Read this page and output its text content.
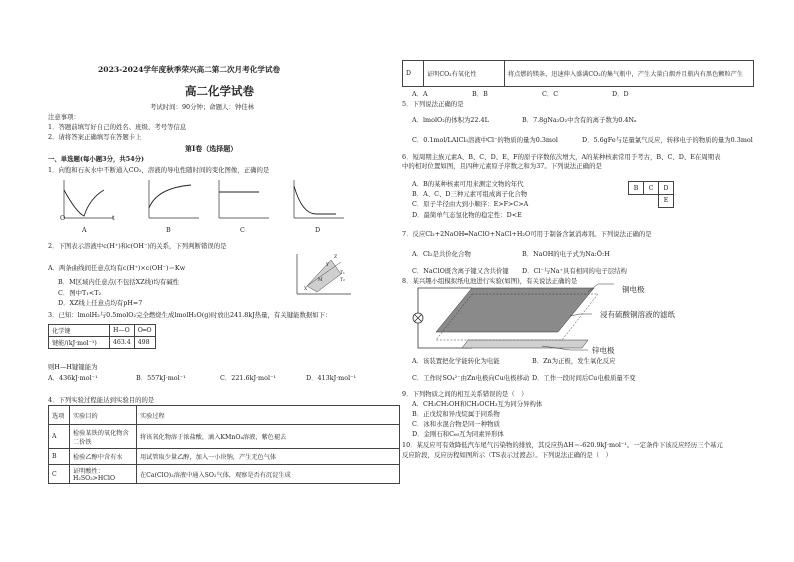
2023-2024学年度秋季荣兴高二第二次月考化学试卷
高二化学试卷
考试时间：90分钟；命题人：钟佳林
注意事项：
1．答题前填写好自己的姓名、班级、考号等信息
2．请将答案正确填写在答题卡上
第Ⅰ卷（选择题）
一、单选题(每小题3分，共54分)
1．向饱和石灰水中不断通入CO₂，溶液的导电性随时间的变化图像，正确的是
O	t
A	B	C	D
2．下图表示溶液中c(H⁺)和c(OH⁻)的关系，下列判断错误的是
A．两条曲线间任意点均有c(H⁺)×c(OH⁻)＝Kw
B．M区域内任意点(不包括XZ线)均有碱性
C．图中T₁<T₂
D．XZ线上任意点均有pH=7
X
Y
Z
M
T₁
T₂
3．已知：lmolH₂与0.5molO₂完全燃烧生成lmolH₂O(g)时放出241.8kJ热量，有关键能数据如下：
化学键	H—O	O═O
键能/(kJ·mol⁻¹)	463.4	498
则H—H键键能为
A．436kJ·mol⁻¹	B．557kJ·mol⁻¹	C．221.6kJ·mol⁻¹	D．413kJ·mol⁻¹
4．下列实验过程能达到实验目的的是
选项	实验目的	实验过程
A	检验某铁的氧化物含二价铁	将该氧化物溶于浓盐酸，滴入KMnO₄溶液，紫色褪去
B	检验乙醇中含有水	用试管取少量乙醇，加入一小块钠，产生无色气体
C	证明酸性：H₂SO₃>HClO	在Ca(ClO)₂溶液中通入SO₂气体，观察是否有沉淀生成
D	证明CO₂有氧化性	将点燃的镁条，迅速伸入盛满CO₂的集气瓶中，产生大量白烟并且瓶内有黑色颗粒产生
A．A	B．B	C．C	D．D
5．下列说法正确的是
A．lmolO₂的体积为22.4L	B．7.8gNa₂O₂中含有的离子数为0.4Nₐ
C．0.1mol/LAlCl₃溶液中Cl⁻的物质的量为0.3mol	D．5.6gFe与足量氯气反应，转移电子的物质的量为0.3mol
6．短周期主族元素A、B、C、D、E、F的原子序数依次增大，A的某种核素常用于考古，B、C、D、E在周期表
中的相对位置如图，且四种元素原子序数之和为37。下列说法正确的是
A．B的某种核素可用来测定文物的年代
B．A、C、D三种元素可组成离子化合物
C．原子半径由大到小顺序：E>F>C>A
D．最简单气态氢化物的稳定性：D<E
B	C	D
		E
7．反应Cl₂+2NaOH═NaClO+NaCl+H₂O可用于制备含氯消毒剂。下列说法正确的是
A．Cl₂是共价化合物	B．NaOH的电子式为Na:Ö:H
C．NaClO既含离子键又含共价键 D．Cl⁻与Na⁺具有相同的电子层结构
8．某兴趣小组模拟纸电池进行实验(如图)，有关说法正确的是
铜电极
浸有硫酸铜溶液的滤纸
锌电极
A．该装置把化学能转化为电能	B．Zn为正极，发生氧化反应
C．工作时SO₄²⁻由Zn电极向Cu电极移动 D．工作一段时间后Cu电极质量不变
9．下列物质之间的相互关系错误的是（　）
A．CH₃CH₂OH和CH₃OCH₃互为同分异构体
B．正戊烷和异戊烷属于同系物
C．冰和水混合物是同一种物质
D．金刚石和C₆₀互为同素异形体
10．某反应可有效降低汽车尾气污染物的排放，其反应热ΔH＝-620.9kJ·mol⁻¹。一定条件下该反应经历三个基元
反应阶段，反应历程如图所示（TS表示过渡态）。下列说法正确的是（　）
